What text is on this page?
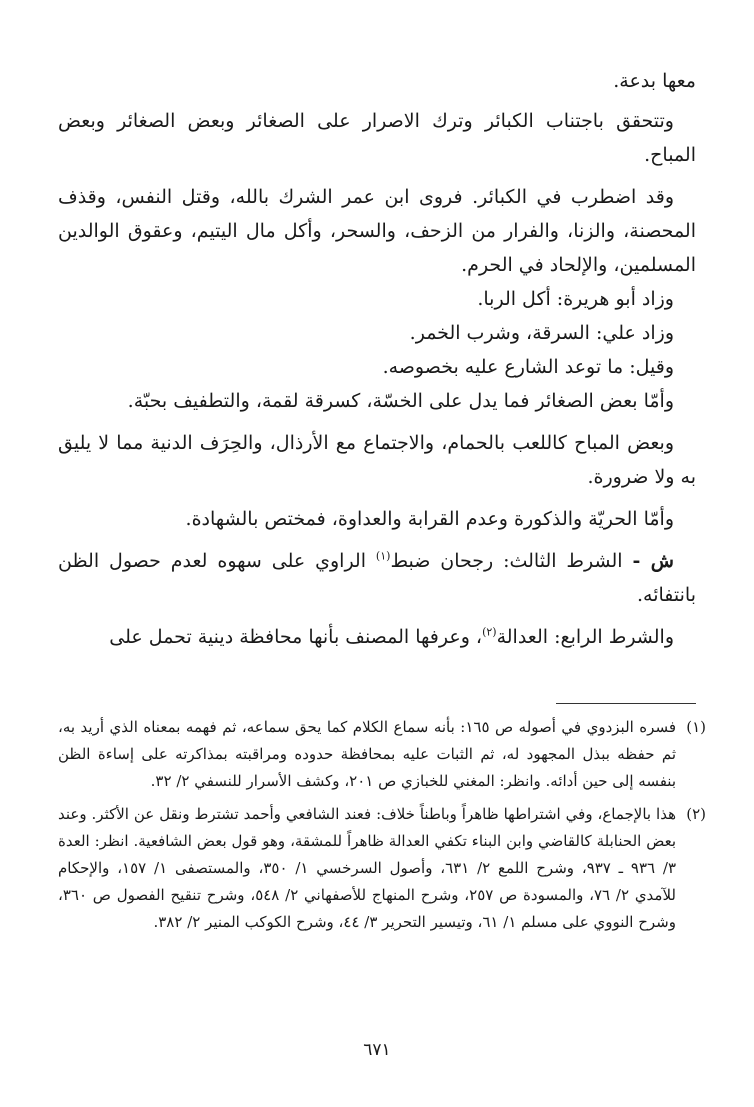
معها بدعة.

وتتحقق باجتناب الكبائر وترك الاصرار على الصغائر وبعض الصغائر وبعض المباح.

وقد اضطرب في الكبائر. فروى ابن عمر الشرك بالله، وقتل النفس، وقذف المحصنة، والزنا، والفرار من الزحف، والسحر، وأكل مال اليتيم، وعقوق الوالدين المسلمين، والإلحاد في الحرم.

وزاد أبو هريرة: أكل الربا.

وزاد علي: السرقة، وشرب الخمر.

وقيل: ما توعد الشارع عليه بخصوصه.

وأمّا بعض الصغائر فما يدل على الخسّة، كسرقة لقمة، والتطفيف بحبّة.

وبعض المباح كاللعب بالحمام، والاجتماع مع الأرذال، والحِرَف الدنية مما لا يليق به ولا ضرورة.

وأمّا الحريّة والذكورة وعدم القرابة والعداوة، فمختص بالشهادة.

ش - الشرط الثالث: رجحان ضبط$^{(١)}$ الراوي على سهوه لعدم حصول الظن بانتفائه.

والشرط الرابع: العدالة$^{(٢)}$، وعرفها المصنف بأنها محافظة دينية تحمل على

(١)
فسره البزدوي في أصوله ص ١٦٥: بأنه سماع الكلام كما يحق سماعه، ثم فهمه بمعناه الذي أريد به، ثم حفظه ببذل المجهود له، ثم الثبات عليه بمحافظة حدوده ومراقبته بمذاكرته على إساءة الظن بنفسه إلى حين أدائه. وانظر: المغني للخبازي ص ٢٠١، وكشف الأسرار للنسفي ٢/ ٣٢.
(٢)
هذا بالإجماع، وفي اشتراطها ظاهراً وباطناً خلاف: فعند الشافعي وأحمد تشترط ونقل عن الأكثر. وعند بعض الحنابلة كالقاضي وابن البناء تكفي العدالة ظاهراً للمشقة، وهو قول بعض الشافعية. انظر: العدة ٣/ ٩٣٦ ـ ٩٣٧، وشرح اللمع ٢/ ٦٣١، وأصول السرخسي ١/ ٣٥٠، والمستصفى ١/ ١٥٧، والإحكام للآمدي ٢/ ٧٦، والمسودة ص ٢٥٧، وشرح المنهاج للأصفهاني ٢/ ٥٤٨، وشرح تنقيح الفصول ص ٣٦٠، وشرح النووي على مسلم ١/ ٦١، وتيسير التحرير ٣/ ٤٤، وشرح الكوكب المنير ٢/ ٣٨٢.
٦٧١
